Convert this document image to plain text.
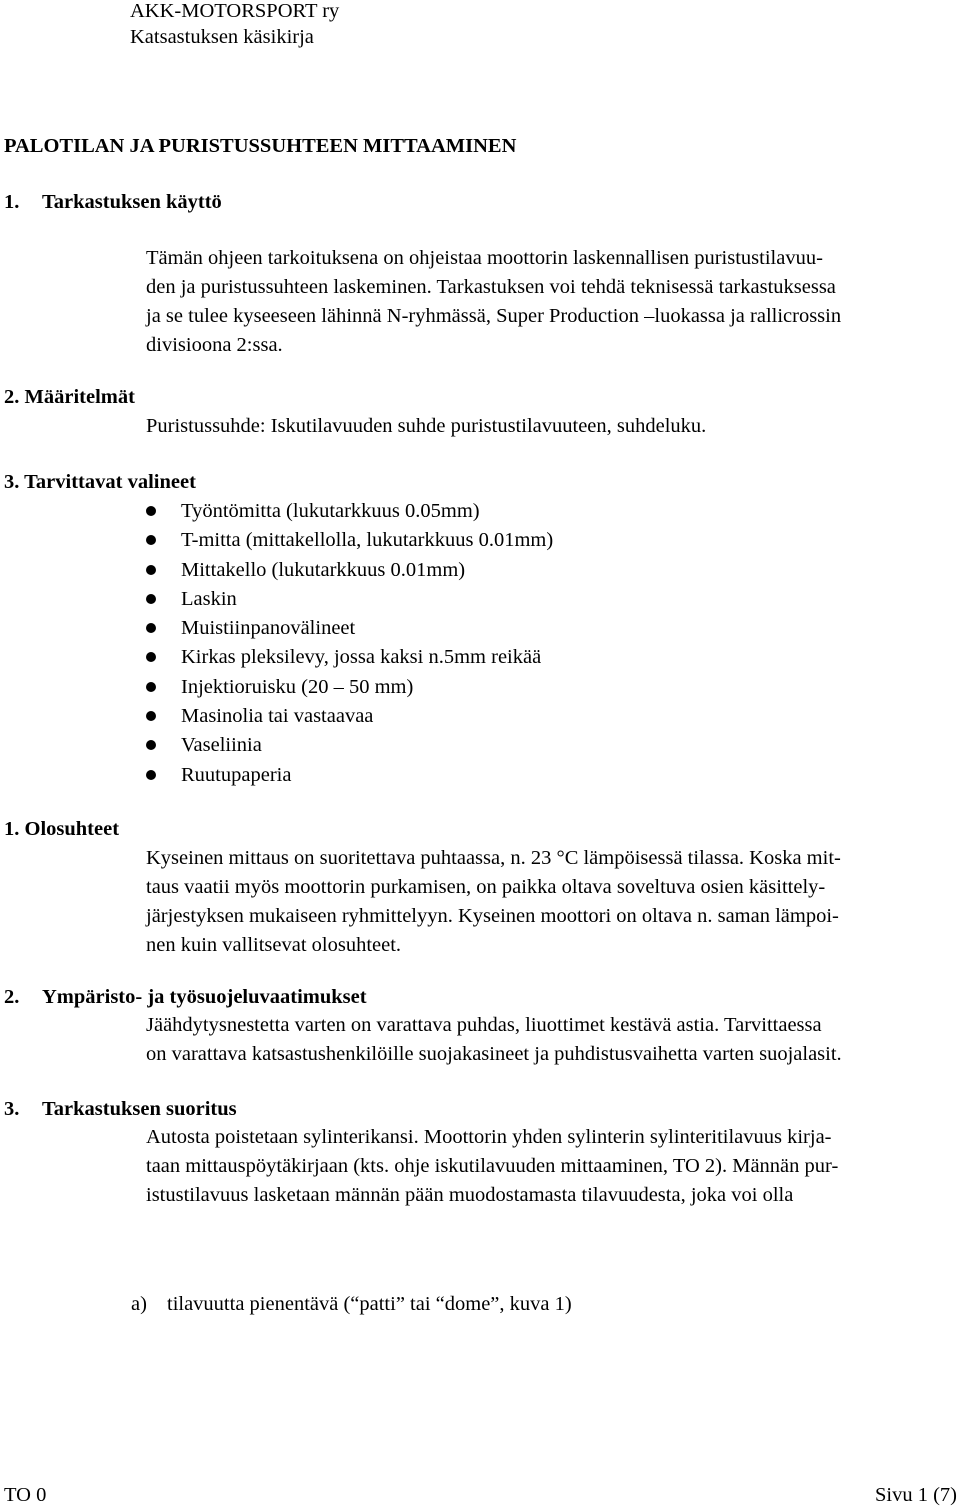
AKK-MOTORSPORT ry
Katsastuksen käsikirja
PALOTILAN JA PURISTUSSUHTEEN MITTAAMINEN
1. Tarkastuksen käyttö
Tämän ohjeen tarkoituksena on ohjeistaa moottorin laskennallisen puristustilavuu-
den ja puristussuhteen laskeminen. Tarkastuksen voi tehdä teknisessä tarkastuksessa
ja se tulee kyseeseen lähinnä N-ryhmässä, Super Production –luokassa ja rallicrossin
divisioona 2:ssa.
2. Määritelmät
Puristussuhde: Iskutilavuuden suhde puristustilavuuteen, suhdeluku.
3. Tarvittavat valineet
Työntömitta (lukutarkkuus 0.05mm)
T-mitta (mittakellolla, lukutarkkuus 0.01mm)
Mittakello (lukutarkkuus 0.01mm)
Laskin
Muistiinpanovälineet
Kirkas pleksilevy, jossa kaksi n.5mm reikää
Injektioruisku (20 – 50 mm)
Masinolia tai vastaavaa
Vaseliinia
Ruutupaperia
1. Olosuhteet
Kyseinen mittaus on suoritettava puhtaassa, n. 23 °C lämpöisessä tilassa. Koska mit-
taus vaatii myös moottorin purkamisen, on paikka oltava soveltuva osien käsittely-
järjestyksen mukaiseen ryhmittelyyn. Kyseinen moottori on oltava n. saman lämpoi-
nen kuin vallitsevat olosuhteet.
2. Ympäristo- ja työsuojeluvaatimukset
Jäähdytysnestetta varten on varattava puhdas, liuottimet kestävä astia. Tarvittaessa
on varattava katsastushenkilöille suojakasineet ja puhdistusvaihetta varten suojalasit.
3. Tarkastuksen suoritus
Autosta poistetaan sylinterikansi. Moottorin yhden sylinterin sylinteritilavuus kirja-
taan mittauspöytäkirjaan (kts. ohje iskutilavuuden mittaaminen, TO 2). Männän pur-
istustilavuus lasketaan männän pään muodostamasta tilavuudesta, joka voi olla
a) tilavuutta pienentävä (“patti” tai “dome”, kuva 1)
TO 0	Sivu 1 (7)
